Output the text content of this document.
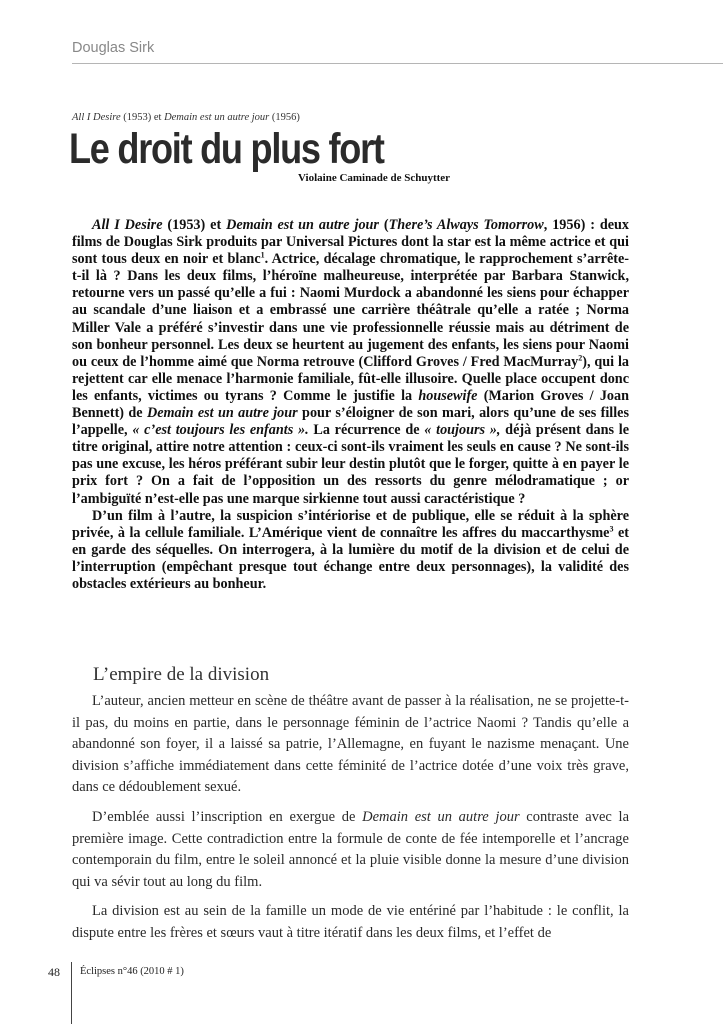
Douglas Sirk
All I Desire (1953) et Demain est un autre jour (1956)
Le droit du plus fort
Violaine Caminade de Schuytter

All I Desire (1953) et Demain est un autre jour (There’s Always Tomorrow, 1956) : deux films de Douglas Sirk produits par Universal Pictures dont la star est la même actrice et qui sont tous deux en noir et blanc$^1$. Actrice, décalage chromatique, le rapprochement s’arrête-t-il là ? Dans les deux films, l’héroïne malheureuse, interprétée par Barbara Stanwick, retourne vers un passé qu’elle a fui : Naomi Murdock a abandonné les siens pour échapper au scandale d’une liaison et a embrassé une carrière théâtrale qu’elle a ratée ; Norma Miller Vale a préféré s’investir dans une vie professionnelle réussie mais au détriment de son bonheur personnel. Les deux se heurtent au jugement des enfants, les siens pour Naomi ou ceux de l’homme aimé que Norma retrouve (Clifford Groves / Fred MacMurray$^2$), qui la rejettent car elle menace l’harmonie familiale, fût-elle illusoire. Quelle place occupent donc les enfants, victimes ou tyrans ? Comme le justifie la housewife (Marion Groves / Joan Bennett) de Demain est un autre jour pour s’éloigner de son mari, alors qu’une de ses filles l’appelle, « c’est toujours les enfants ». La récurrence de « toujours », déjà présent dans le titre original, attire notre attention : ceux-ci sont-ils vraiment les seuls en cause ? Ne sont-ils pas une excuse, les héros préférant subir leur destin plutôt que le forger, quitte à en payer le prix fort ? On a fait de l’opposition un des ressorts du genre mélodramatique ; or l’ambiguïté n’est-elle pas une marque sirkienne tout aussi caractéristique ?

D’un film à l’autre, la suspicion s’intériorise et de publique, elle se réduit à la sphère privée, à la cellule familiale. L’Amérique vient de connaître les affres du maccarthysme$^3$ et en garde des séquelles. On interrogera, à la lumière du motif de la division et de celui de l’interruption (empêchant presque tout échange entre deux personnages), la validité des obstacles extérieurs au bonheur.

L’empire de la division

L’auteur, ancien metteur en scène de théâtre avant de passer à la réalisation, ne se projette-t-il pas, du moins en partie, dans le personnage féminin de l’actrice Naomi ? Tandis qu’elle a abandonné son foyer, il a laissé sa patrie, l’Allemagne, en fuyant le nazisme menaçant. Une division s’affiche immédiatement dans cette féminité de l’actrice dotée d’une voix très grave, dans ce dédoublement sexué.

D’emblée aussi l’inscription en exergue de Demain est un autre jour contraste avec la première image. Cette contradiction entre la formule de conte de fée intemporelle et l’ancrage contemporain du film, entre le soleil annoncé et la pluie visible donne la mesure d’une division qui va sévir tout au long du film.

La division est au sein de la famille un mode de vie entériné par l’habitude : le conflit, la dispute entre les frères et sœurs vaut à titre itératif dans les deux films, et l’effet de

48 Éclipses n°46 (2010 # 1)
